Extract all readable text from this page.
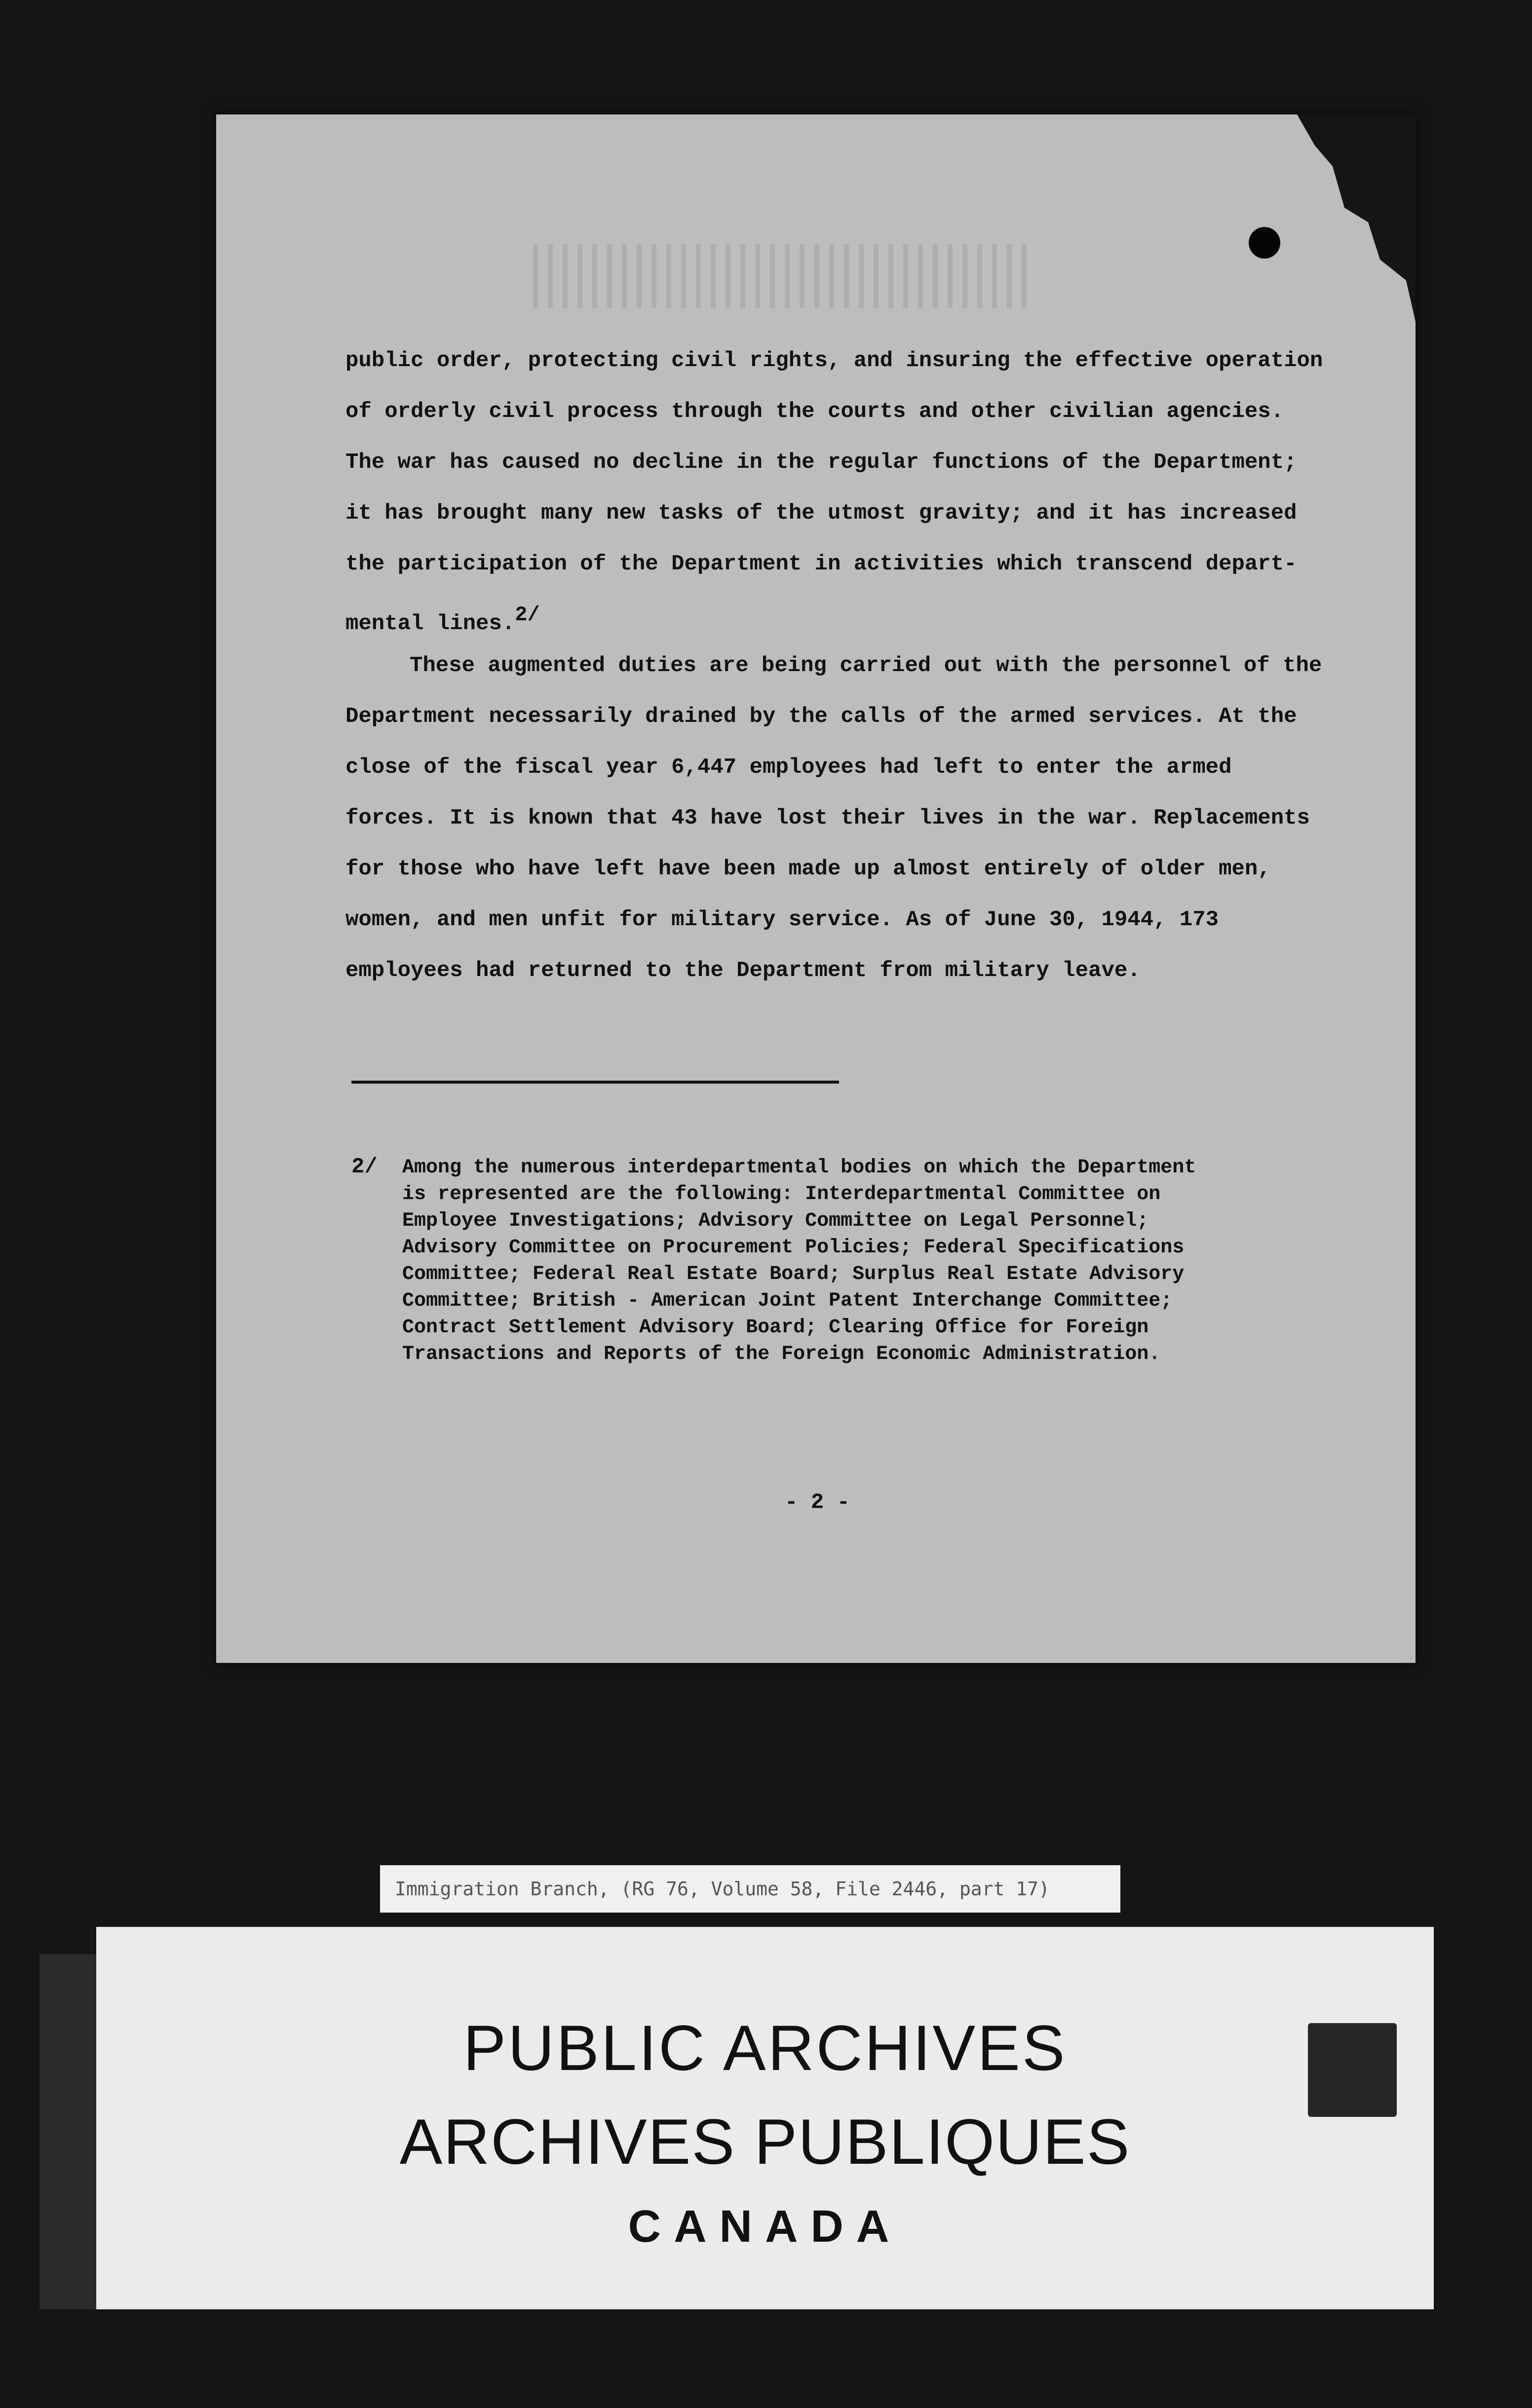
public order, protecting civil rights, and insuring the effective operation
of orderly civil process through the courts and other civilian agencies.
The war has caused no decline in the regular functions of the Department;
it has brought many new tasks of the utmost gravity; and it has increased
the participation of the Department in activities which transcend depart-
mental lines.2/
These augmented duties are being carried out with the personnel of the
Department necessarily drained by the calls of the armed services. At the
close of the fiscal year 6,447 employees had left to enter the armed
forces. It is known that 43 have lost their lives in the war. Replacements
for those who have left have been made up almost entirely of older men,
women, and men unfit for military service. As of June 30, 1944, 173
employees had returned to the Department from military leave.
2/ Among the numerous interdepartmental bodies on which the Department
is represented are the following: Interdepartmental Committee on
Employee Investigations; Advisory Committee on Legal Personnel;
Advisory Committee on Procurement Policies; Federal Specifications
Committee; Federal Real Estate Board; Surplus Real Estate Advisory
Committee; British - American Joint Patent Interchange Committee;
Contract Settlement Advisory Board; Clearing Office for Foreign
Transactions and Reports of the Foreign Economic Administration.
- 2 -
Immigration Branch, (RG 76, Volume 58, File 2446, part 17)
PUBLIC ARCHIVES
ARCHIVES PUBLIQUES
CANADA
